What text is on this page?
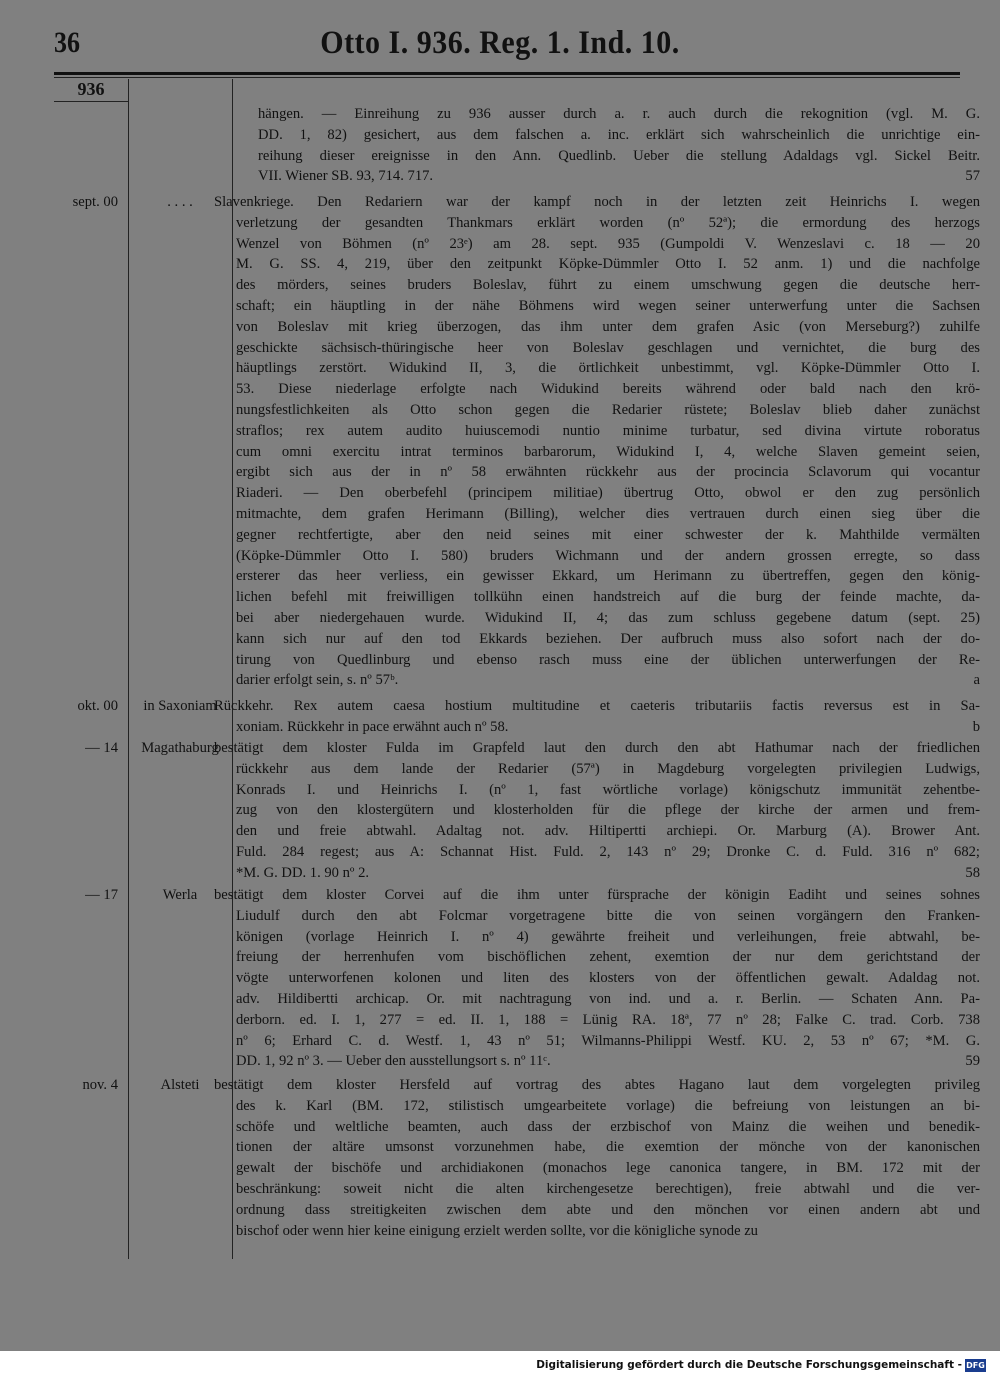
36	Otto I. 936. Reg. 1. Ind. 10.
936
hängen. — Einreihung zu 936 ausser durch a. r. auch durch die rekognition (vgl. M. G.
DD. 1, 82) gesichert, aus dem falschen a. inc. erklärt sich wahrscheinlich die unrichtige ein-
reihung dieser ereignisse in den Ann. Quedlinb. Ueber die stellung Adaldags vgl. Sickel Beitr.
VII. Wiener SB. 93, 714. 717.	57
sept. 00	. . . .	Slavenkriege. Den Redariern war der kampf noch in der letzten zeit Heinrichs I. wegen
verletzung der gesandten Thankmars erklärt worden (nº 52ª); die ermordung des herzogs
Wenzel von Böhmen (nº 23ᵉ) am 28. sept. 935 (Gumpoldi V. Wenzeslavi c. 18 — 20
M. G. SS. 4, 219, über den zeitpunkt Köpke-Dümmler Otto I. 52 anm. 1) und die nachfolge
des mörders, seines bruders Boleslav, führt zu einem umschwung gegen die deutsche herr-
schaft; ein häuptling in der nähe Böhmens wird wegen seiner unterwerfung unter die Sachsen
von Boleslav mit krieg überzogen, das ihm unter dem grafen Asic (von Merseburg?) zuhilfe
geschickte sächsisch-thüringische heer von Boleslav geschlagen und vernichtet, die burg des
häuptlings zerstört. Widukind II, 3, die örtlichkeit unbestimmt, vgl. Köpke-Dümmler Otto I.
53. Diese niederlage erfolgte nach Widukind bereits während oder bald nach den krö-
nungsfestlichkeiten als Otto schon gegen die Redarier rüstete; Boleslav blieb daher zunächst
straflos; rex autem audito huiuscemodi nuntio minime turbatur, sed divina virtute roboratus
cum omni exercitu intrat terminos barbarorum, Widukind I, 4, welche Slaven gemeint seien,
ergibt sich aus der in nº 58 erwähnten rückkehr aus der procincia Sclavorum qui vocantur
Riaderi. — Den oberbefehl (principem militiae) übertrug Otto, obwol er den zug persönlich
mitmachte, dem grafen Herimann (Billing), welcher dies vertrauen durch einen sieg über die
gegner rechtfertigte, aber den neid seines mit einer schwester der k. Mahthilde vermälten
(Köpke-Dümmler Otto I. 580) bruders Wichmann und der andern grossen erregte, so dass
ersterer das heer verliess, ein gewisser Ekkard, um Herimann zu übertreffen, gegen den könig-
lichen befehl mit freiwilligen tollkühn einen handstreich auf die burg der feinde machte, da-
bei aber niedergehauen wurde. Widukind II, 4; das zum schluss gegebene datum (sept. 25)
kann sich nur auf den tod Ekkards beziehen. Der aufbruch muss also sofort nach der do-
tirung von Quedlinburg und ebenso rasch muss eine der üblichen unterwerfungen der Re-
darier erfolgt sein, s. nº 57ᵇ.	a
okt. 00	in Saxoniam
Rückkehr. Rex autem caesa hostium multitudine et caeteris tributariis factis reversus est in Sa-
xoniam. Rückkehr in pace erwähnt auch nº 58.	b
— 14	Magathaburg
bestätigt dem kloster Fulda im Grapfeld laut den durch den abt Hathumar nach der friedlichen
rückkehr aus dem lande der Redarier (57ª) in Magdeburg vorgelegten privilegien Ludwigs,
Konrads I. und Heinrichs I. (nº 1, fast wörtliche vorlage) königschutz immunität zehentbe-
zug von den klostergütern und klosterholden für die pflege der kirche der armen und frem-
den und freie abtwahl. Adaltag not. adv. Hiltipertti archiepi. Or. Marburg (A). Brower Ant.
Fuld. 284 regest; aus A: Schannat Hist. Fuld. 2, 143 nº 29; Dronke C. d. Fuld. 316 nº 682;
*M. G. DD. 1. 90 nº 2.	58
— 17	Werla	bestätigt dem kloster Corvei auf die ihm unter fürsprache der königin Eadiht und seines sohnes
Liudulf durch den abt Folcmar vorgetragene bitte die von seinen vorgängern den Franken-
königen (vorlage Heinrich I. nº 4) gewährte freiheit und verleihungen, freie abtwahl, be-
freiung der herrenhufen vom bischöflichen zehent, exemtion der nur dem gerichtstand der
vögte unterworfenen kolonen und liten des klosters von der öffentlichen gewalt. Adaldag not.
adv. Hildibertti archicap. Or. mit nachtragung von ind. und a. r. Berlin. — Schaten Ann. Pa-
derborn. ed. I. 1, 277 = ed. II. 1, 188 = Lünig RA. 18ª, 77 nº 28; Falke C. trad. Corb. 738
nº 6; Erhard C. d. Westf. 1, 43 nº 51; Wilmanns-Philippi Westf. KU. 2, 53 nº 67; *M. G.
DD. 1, 92 nº 3. — Ueber den ausstellungsort s. nº 11ᶜ.	59
nov. 4	Alsteti bestätigt dem kloster Hersfeld auf vortrag des abtes Hagano laut dem vorgelegten privileg
des k. Karl (BM. 172, stilistisch umgearbeitete vorlage) die befreiung von leistungen an bi-
schöfe und weltliche beamten, auch dass der erzbischof von Mainz die weihen und benedik-
tionen der altäre umsonst vorzunehmen habe, die exemtion der mönche von der kanonischen
gewalt der bischöfe und archidiakonen (monachos lege canonica tangere, in BM. 172 mit der
beschränkung: soweit nicht die alten kirchengesetze berechtigen), freie abtwahl und die ver-
ordnung dass streitigkeiten zwischen dem abte und den mönchen vor einen andern abt und
bischof oder wenn hier keine einigung erzielt werden sollte, vor die königliche synode zu
Digitalisierung gefördert durch die Deutsche Forschungsgemeinschaft - DFG
